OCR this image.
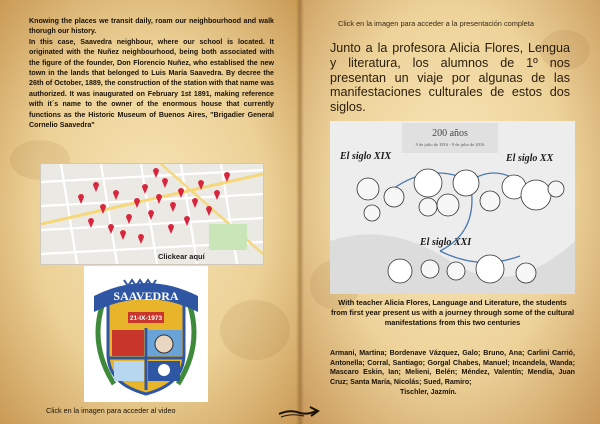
Knowing the places we transit daily, roam our neighbourhood and walk thorugh our history.

In this case, Saavedra neighbour, where our school is located. It originated with the Nuñez neighbourhood, being both associated with the figure of the founder, Don Florencio Nuñez, who establised the new town in the lands that belonged to Luis María Saavedra. By decree the 26th of October, 1889, the construction of the station with that name was authorized. It was inaugurated on February 1st 1891, making reference with it´s name to the owner of the enormous house that currently functions as the Historic Museum of Buenos Aires, "Brigadier General Cornelio Saavedra"

Clickear aquí
SAAVEDRA
21-IX-1973
Click en la imagen para acceder al video
Click en la imagen para acceder a la presentación completa

Junto a la profesora Alicia Flores, Lengua y literatura, los alumnos de 1º nos presentan un viaje por algunas de las manifestaciones culturales de estos dos siglos.

200 años
9 de julio de 1816 - 9 de julio de 2016
El siglo XIX	El siglo XX
El siglo XXI

With teacher Alicia Flores, Language and Literature, the students from first year present us with a journey through some of the cultural manifestations from this two centuries

Armani, Martina; Bordenave Vázquez, Galo; Bruno, Ana; Carlini Carrió, Antonella; Corral, Santiago; Gorgal Chabes, Manuel; Incandela, Wanda; Mascaro Eskin, Ian; Melieni, Belén; Méndez, Valentín; Mendía, Juan Cruz; Santa María, Nicolás; Sued, Ramiro;

Tischler, Jazmín.
